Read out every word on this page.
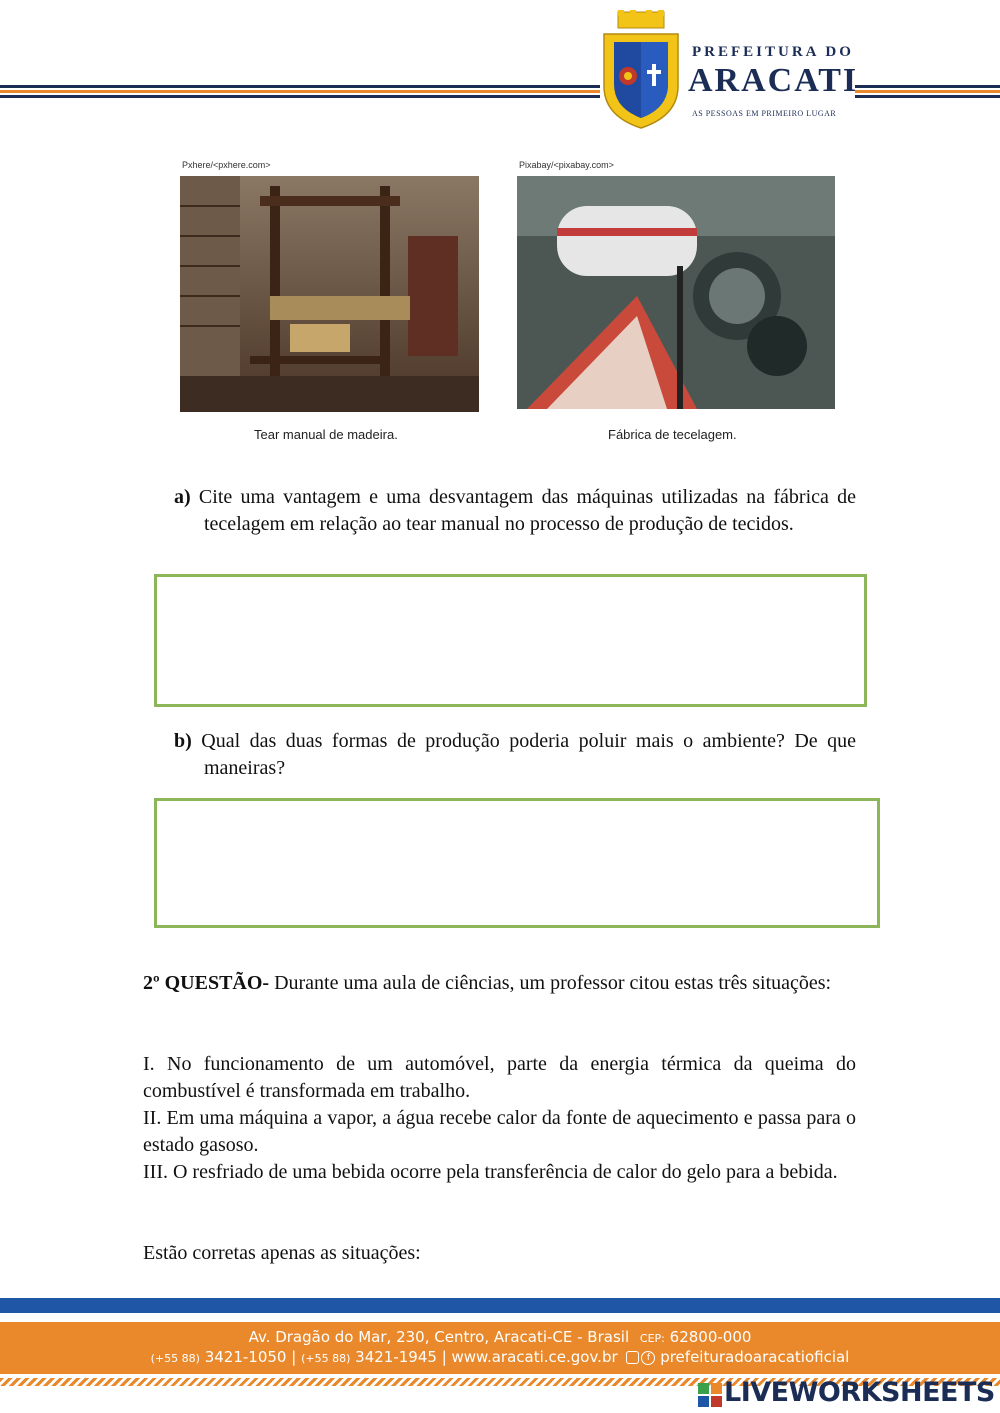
PREFEITURA DO
ARACATI
AS PESSOAS EM PRIMEIRO LUGAR
Pxhere/<pxhere.com>
Tear manual de madeira.
Pixabay/<pixabay.com>
Fábrica de tecelagem.
a) Cite uma vantagem e uma desvantagem das máquinas utilizadas na fábrica de tecelagem em relação ao tear manual no processo de produção de tecidos.
b) Qual das duas formas de produção poderia poluir mais o ambiente? De que maneiras?
2º QUESTÃO- Durante uma aula de ciências, um professor citou estas três situações:
I. No funcionamento de um automóvel, parte da energia térmica da queima do combustível é transformada em trabalho.
II. Em uma máquina a vapor, a água recebe calor da fonte de aquecimento e passa para o estado gasoso.
III. O resfriado de uma bebida ocorre pela transferência de calor do gelo para a bebida.
Estão corretas apenas as situações:
Av. Dragão do Mar, 230, Centro, Aracati-CE - Brasil CEP: 62800-000
(+55 88) 3421-1050 | (+55 88) 3421-1945 | www.aracati.ce.gov.br	f prefeituradoaracatioficial
LIVEWORKSHEETS
